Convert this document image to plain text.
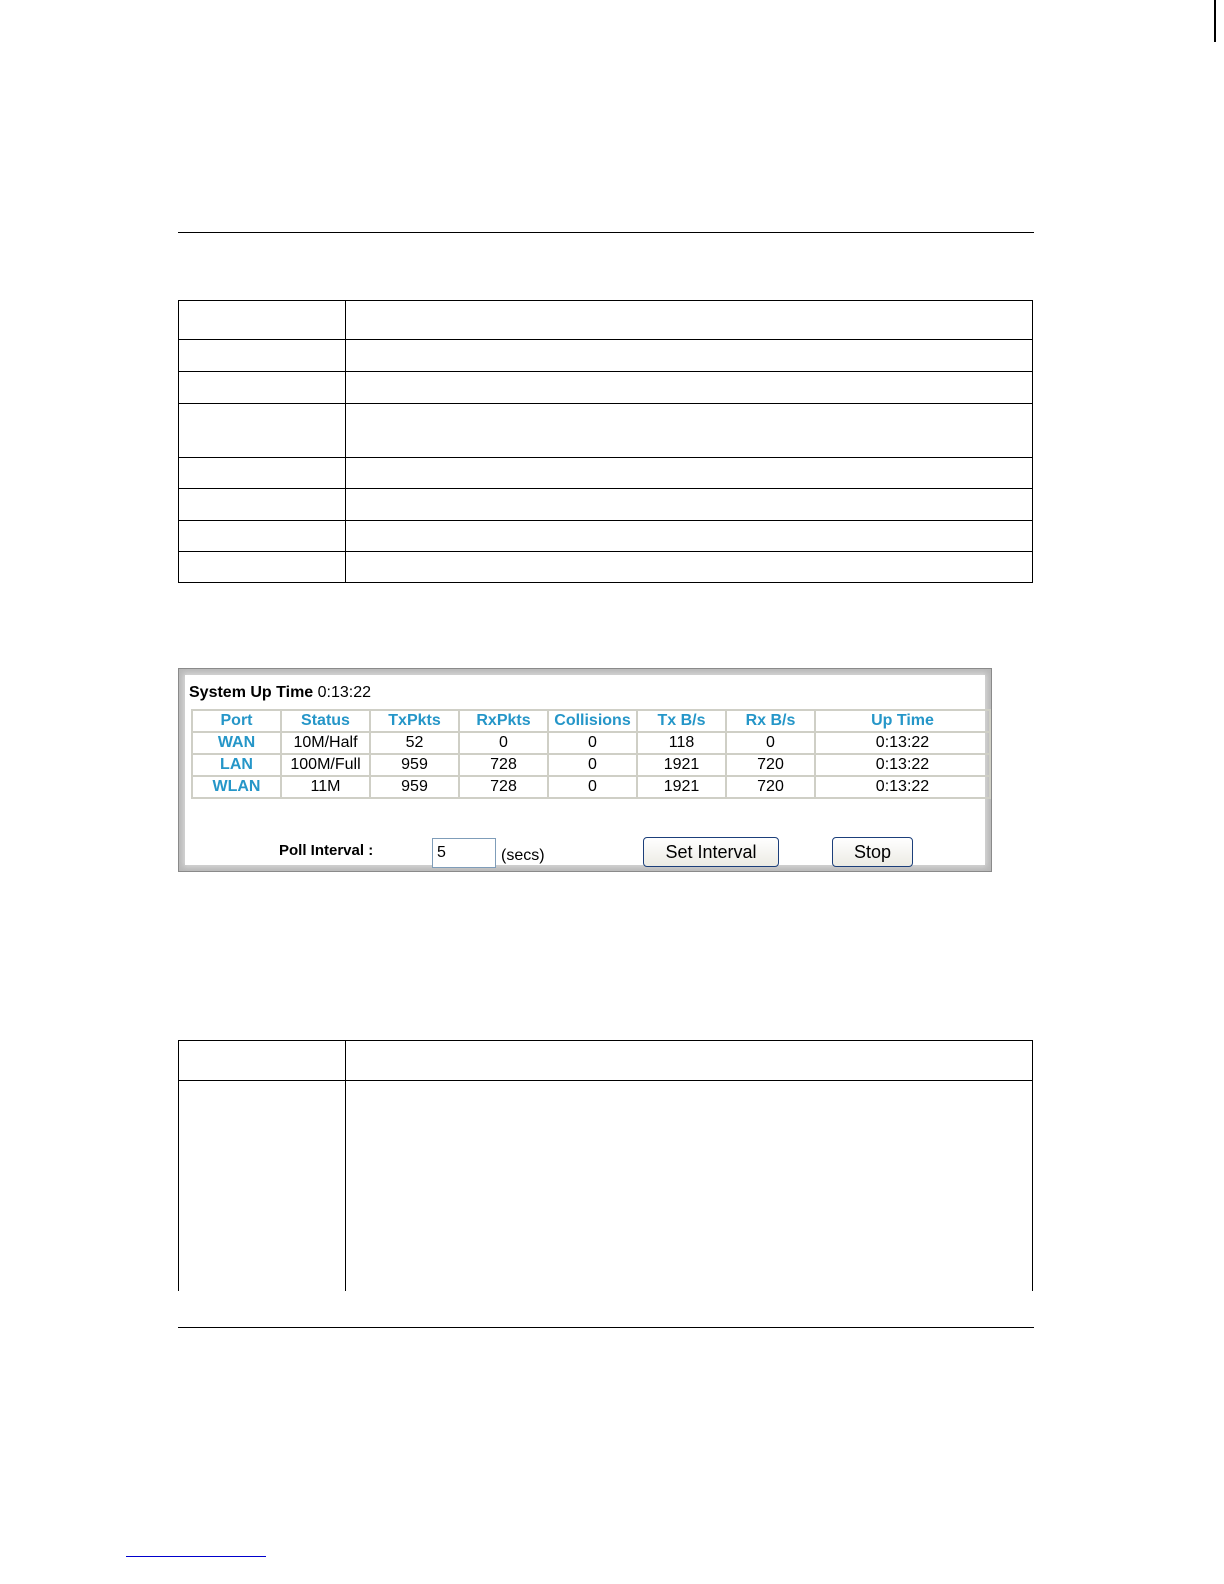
System Up Time 0:13:22
Port	Status	TxPkts	RxPkts	Collisions	Tx B/s	Rx B/s	Up Time
WAN	10M/Half	52	0	0	118	0	0:13:22
LAN	100M/Full	959	728	0	1921	720	0:13:22
WLAN	11M	959	728	0	1921	720	0:13:22
Poll Interval :
5	(secs)	Set Interval	Stop
